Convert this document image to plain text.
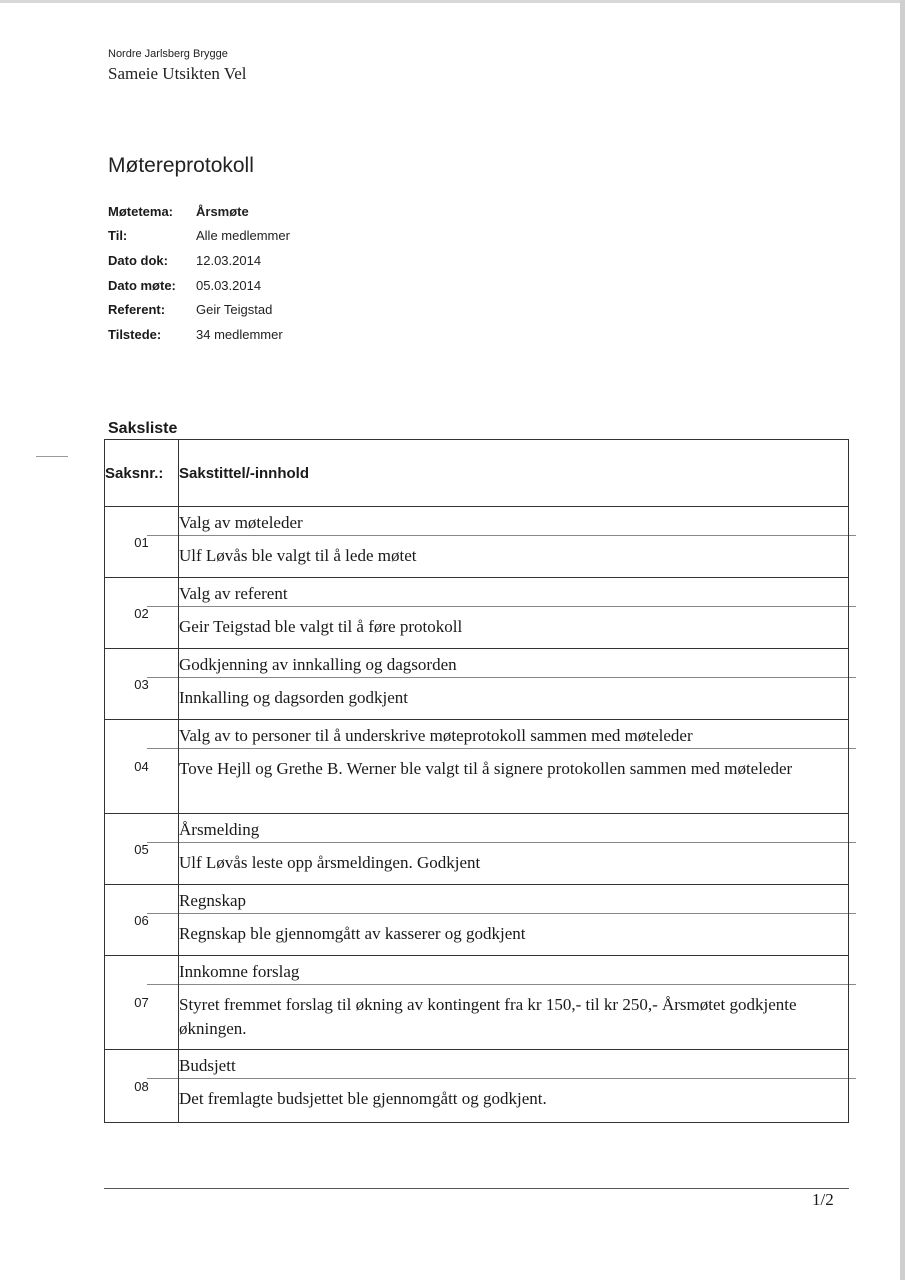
Nordre Jarlsberg Brygge
Sameie Utsikten Vel
Møtereprotokoll
Møtetema:	Årsmøte
Til:	Alle medlemmer
Dato dok:	12.03.2014
Dato møte:	05.03.2014
Referent:	Geir Teigstad
Tilstede:	34 medlemmer
Saksliste
Saksnr.:	Sakstittel/-innhold
01	Valg av møteleder
Ulf Løvås ble valgt til å lede møtet

02	Valg av referent
Geir Teigstad ble valgt til å føre protokoll

03	Godkjenning av innkalling og dagsorden
Innkalling og dagsorden godkjent

04	Valg av to personer til å underskrive møteprotokoll sammen med møteleder
Tove Hejll og Grethe B. Werner ble valgt til å signere protokollen sammen med møteleder

05	Årsmelding
Ulf Løvås leste opp årsmeldingen. Godkjent

06	Regnskap
Regnskap ble gjennomgått av kasserer og godkjent

07	Innkomne forslag
Styret fremmet forslag til økning av kontingent fra kr 150,- til kr 250,- Årsmøtet godkjente økningen.

08	Budsjett
Det fremlagte budsjettet ble gjennomgått og godkjent.
1/2
